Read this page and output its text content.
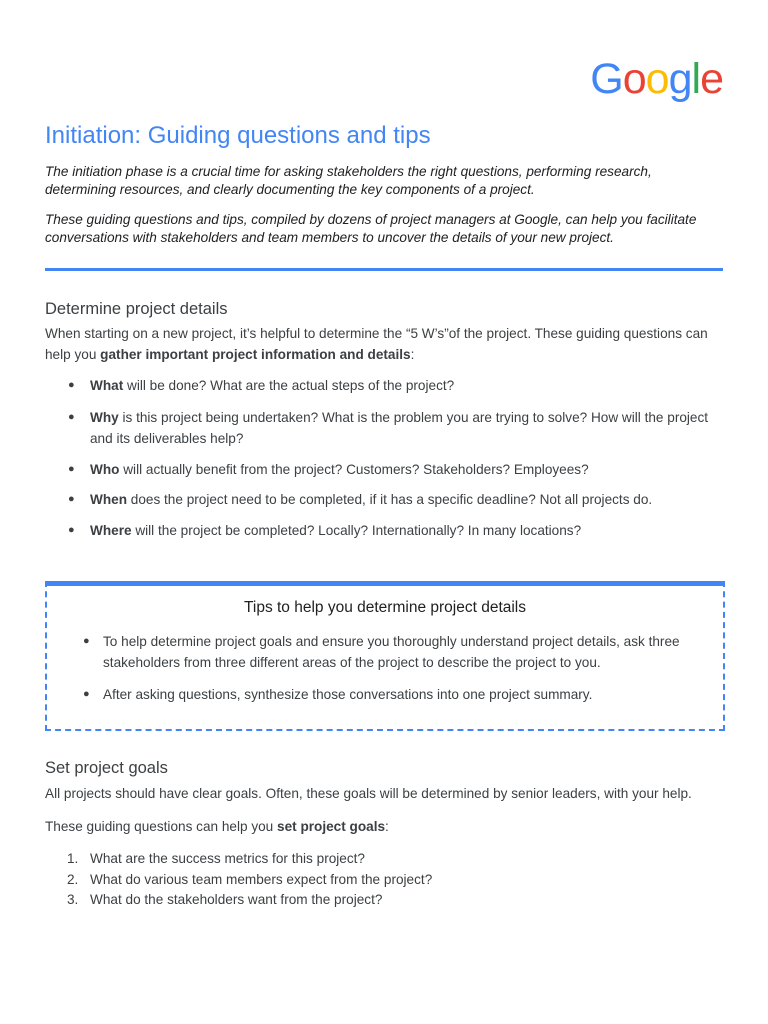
Google
Initiation: Guiding questions and tips

The initiation phase is a crucial time for asking stakeholders the right questions, performing research, determining resources, and clearly documenting the key components of a project.

These guiding questions and tips, compiled by dozens of project managers at Google, can help you facilitate conversations with stakeholders and team members to uncover the details of your new project.

Determine project details

When starting on a new project, it’s helpful to determine the “5 W’s”of the project. These guiding questions can help you gather important project information and details:

● What will be done? What are the actual steps of the project?
● Why is this project being undertaken? What is the problem you are trying to solve? How will the project and its deliverables help?
● Who will actually benefit from the project? Customers? Stakeholders? Employees?
● When does the project need to be completed, if it has a specific deadline? Not all projects do.
● Where will the project be completed? Locally? Internationally? In many locations?
Tips to help you determine project details
● To help determine project goals and ensure you thoroughly understand project details, ask three stakeholders from three different areas of the project to describe the project to you.
● After asking questions, synthesize those conversations into one project summary.
Set project goals

All projects should have clear goals. Often, these goals will be determined by senior leaders, with your help.

These guiding questions can help you set project goals:

1. What are the success metrics for this project?
2. What do various team members expect from the project?
3. What do the stakeholders want from the project?
